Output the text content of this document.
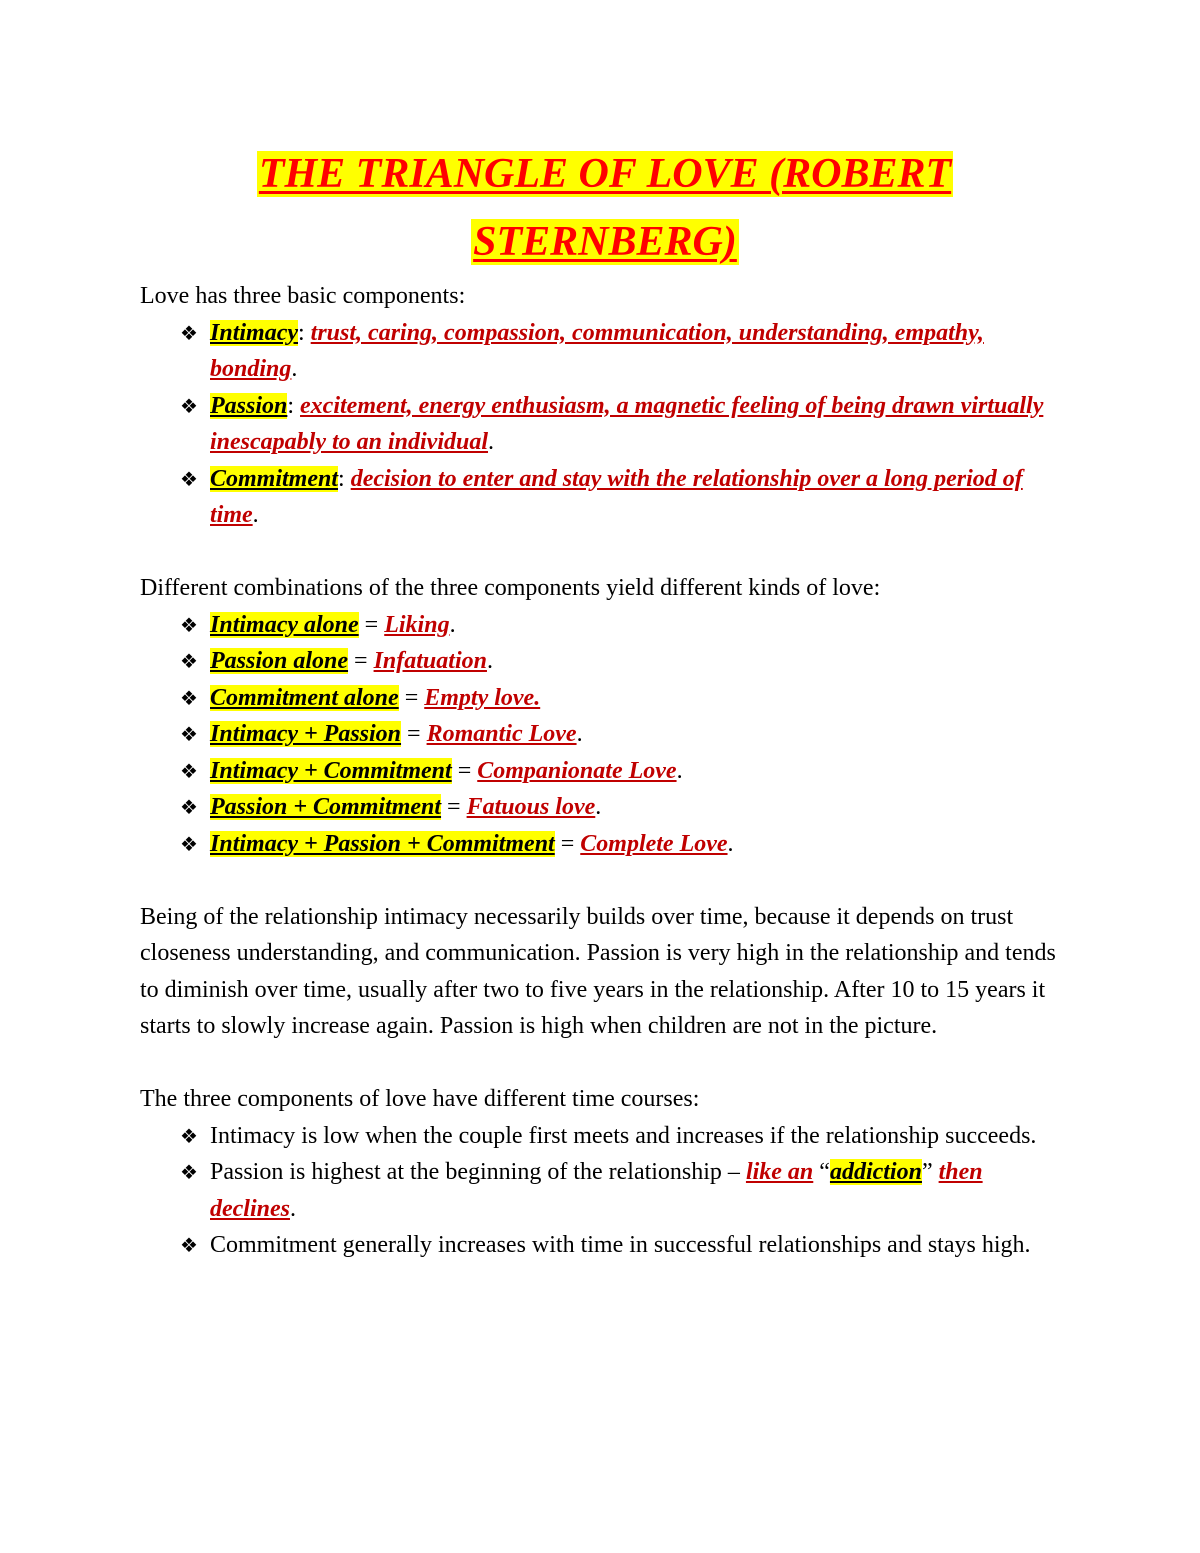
THE TRIANGLE OF LOVE (ROBERT
STERNBERG)

Love has three basic components:

❖ Intimacy: trust, caring, compassion, communication, understanding, empathy, bonding.
❖ Passion: excitement, energy enthusiasm, a magnetic feeling of being drawn virtually inescapably to an individual.
❖ Commitment: decision to enter and stay with the relationship over a long period of time.

Different combinations of the three components yield different kinds of love:

❖ Intimacy alone = Liking.
❖ Passion alone = Infatuation.
❖ Commitment alone = Empty love.
❖ Intimacy + Passion = Romantic Love.
❖ Intimacy + Commitment = Companionate Love.
❖ Passion + Commitment = Fatuous love.
❖ Intimacy + Passion + Commitment = Complete Love.

Being of the relationship intimacy necessarily builds over time, because it depends on trust closeness understanding, and communication. Passion is very high in the relationship and tends to diminish over time, usually after two to five years in the relationship. After 10 to 15 years it starts to slowly increase again. Passion is high when children are not in the picture.

The three components of love have different time courses:

❖ Intimacy is low when the couple first meets and increases if the relationship succeeds.
❖ Passion is highest at the beginning of the relationship – like an “addiction” then declines.
❖ Commitment generally increases with time in successful relationships and stays high.
